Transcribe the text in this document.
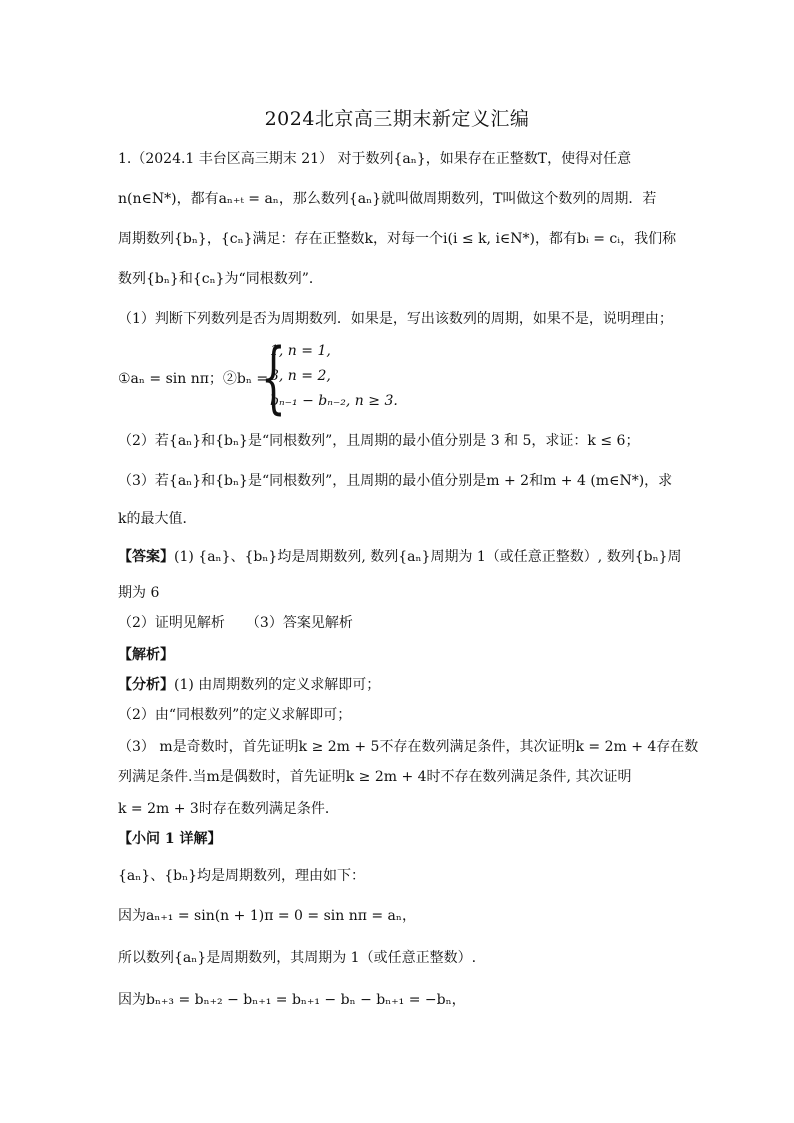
2024北京高三期末新定义汇编
1.（2024.1 丰台区高三期末 21） 对于数列{aₙ}，如果存在正整数T，使得对任意
n(n∈N*)，都有aₙ₊ₜ = aₙ，那么数列{aₙ}就叫做周期数列，T叫做这个数列的周期．若
周期数列{bₙ}，{cₙ}满足：存在正整数k，对每一个i(i ≤ k, i∈N*)，都有bᵢ = cᵢ，我们称
数列{bₙ}和{cₙ}为“同根数列”．
（1）判断下列数列是否为周期数列．如果是，写出该数列的周期，如果不是，说明理由；
①aₙ = sin nπ；②bₙ =
{
1, n = 1,
3, n = 2,
bₙ₋₁ − bₙ₋₂, n ≥ 3.
（2）若{aₙ}和{bₙ}是“同根数列”，且周期的最小值分别是 3 和 5，求证：k ≤ 6；
（3）若{aₙ}和{bₙ}是“同根数列”，且周期的最小值分别是m + 2和m + 4 (m∈N*)，求
k的最大值．
【答案】(1) {aₙ}、{bₙ}均是周期数列, 数列{aₙ}周期为 1（或任意正整数）, 数列{bₙ}周
期为 6
（2）证明见解析　　（3）答案见解析
【解析】
【分析】(1) 由周期数列的定义求解即可；
（2）由“同根数列”的定义求解即可；
（3） m是奇数时，首先证明k ≥ 2m + 5不存在数列满足条件，其次证明k = 2m + 4存在数
列满足条件.当m是偶数时，首先证明k ≥ 2m + 4时不存在数列满足条件, 其次证明
k = 2m + 3时存在数列满足条件．
【小问 1 详解】
{aₙ}、{bₙ}均是周期数列，理由如下：
因为aₙ₊₁ = sin(n + 1)π = 0 = sin nπ = aₙ，
所以数列{aₙ}是周期数列，其周期为 1（或任意正整数）.
因为bₙ₊₃ = bₙ₊₂ − bₙ₊₁ = bₙ₊₁ − bₙ − bₙ₊₁ = −bₙ，
